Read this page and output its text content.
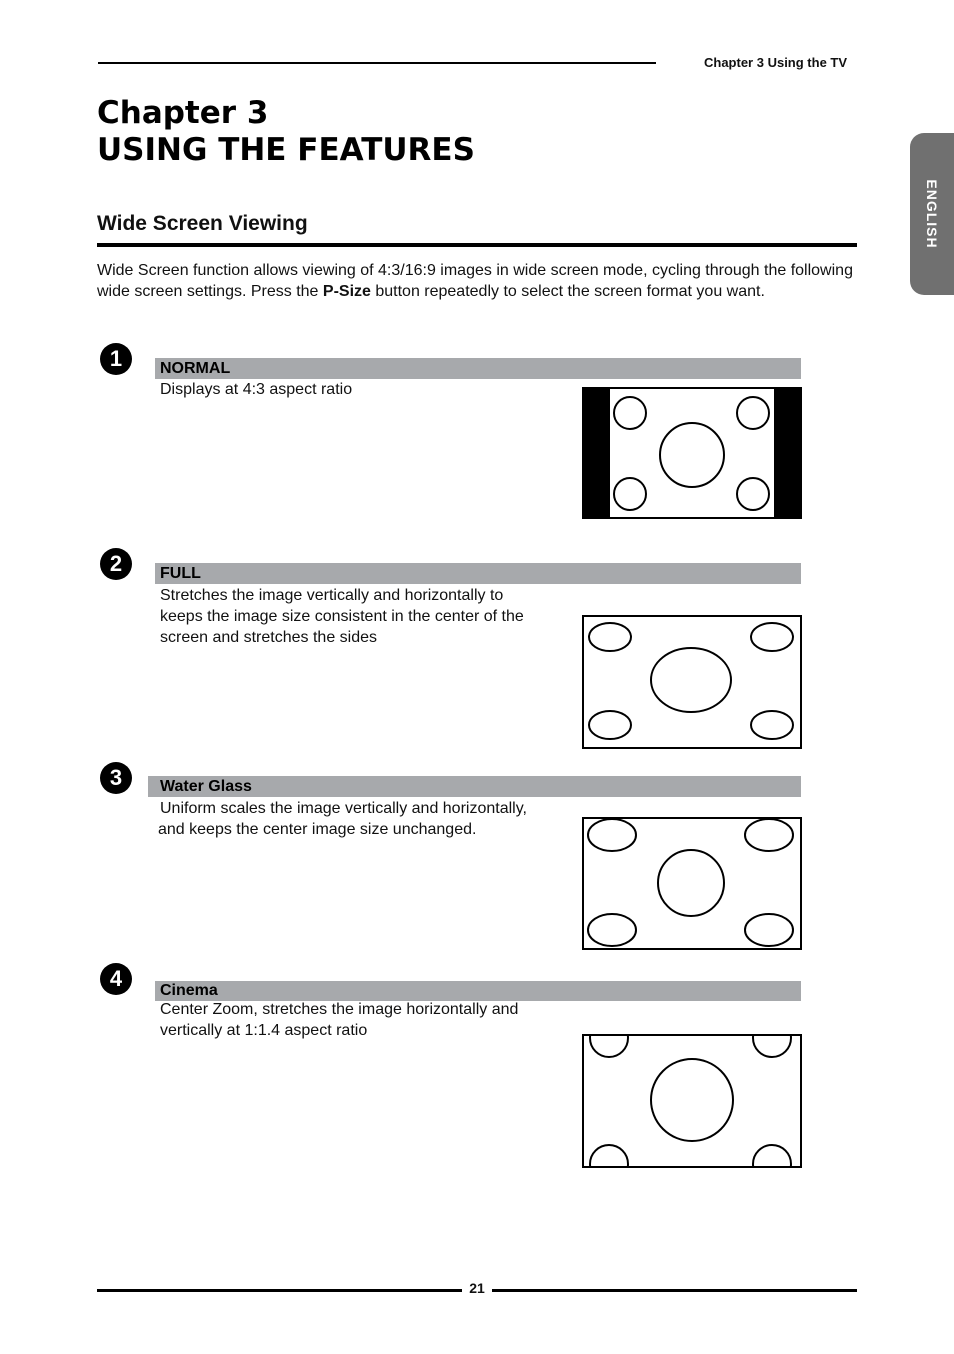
Chapter 3 Using the TV
ENGLISH
Chapter 3
USING THE FEATURES
Wide Screen Viewing
Wide Screen function allows viewing of 4:3/16:9 images in wide screen mode, cycling through the following wide screen settings. Press the P-Size button repeatedly to select the screen format you want.
1	NORMAL
Displays at 4:3 aspect ratio
2	FULL
Stretches the image vertically and horizontally to
keeps the image size consistent in the center of the
screen and stretches the sides
3	Water Glass
Uniform scales the image vertically and horizontally,
and keeps the center image size unchanged.
4	Cinema
Center Zoom, stretches the image horizontally and
vertically at 1:1.4 aspect ratio
21
